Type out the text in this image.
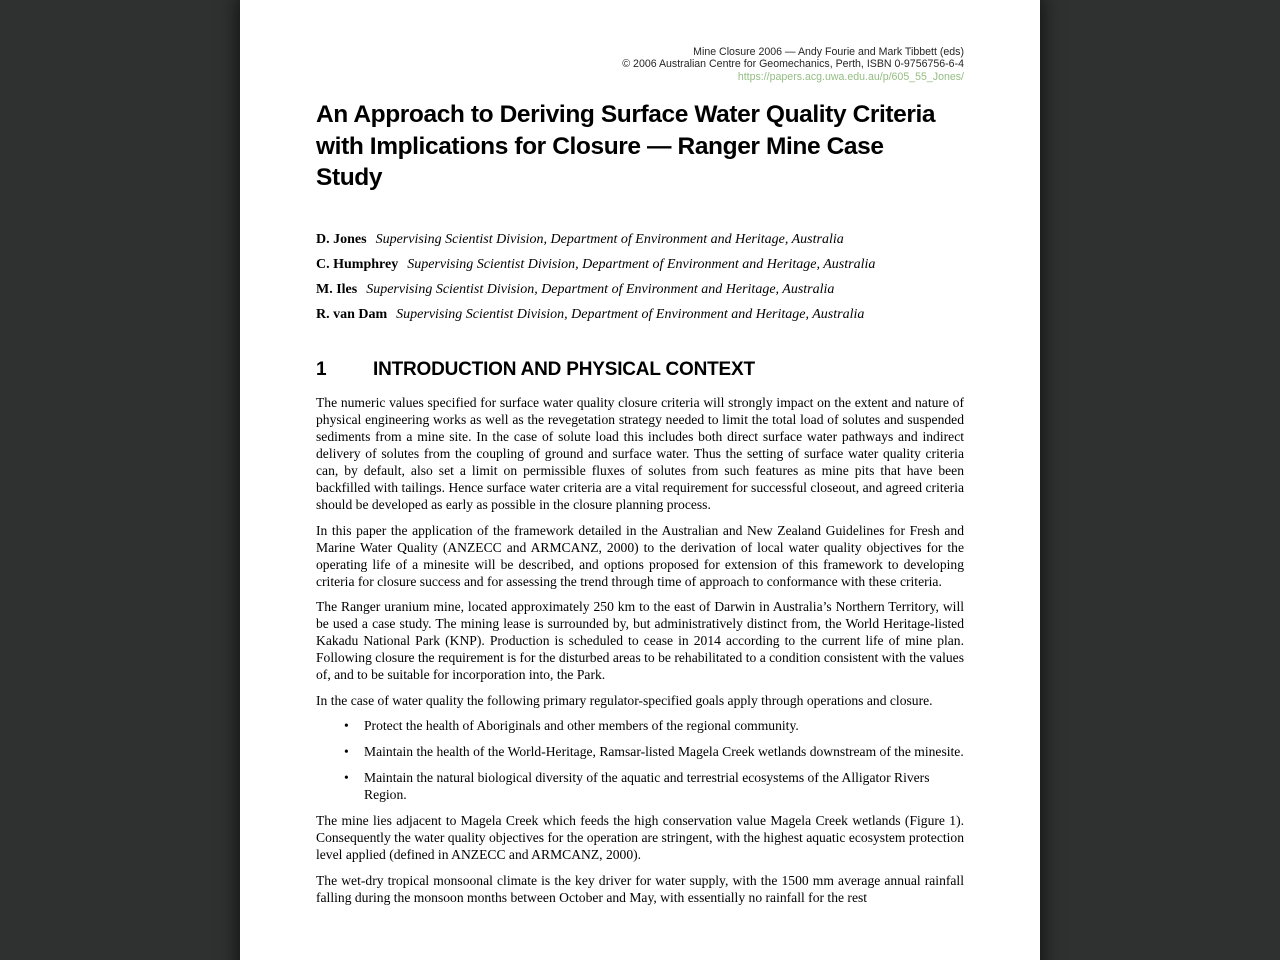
Mine Closure 2006 — Andy Fourie and Mark Tibbett (eds)
© 2006 Australian Centre for Geomechanics, Perth, ISBN 0-9756756-6-4
https://papers.acg.uwa.edu.au/p/605_55_Jones/
An Approach to Deriving Surface Water Quality Criteria
with Implications for Closure — Ranger Mine Case
Study
D. Jones Supervising Scientist Division, Department of Environment and Heritage, Australia
C. Humphrey Supervising Scientist Division, Department of Environment and Heritage, Australia
M. Iles Supervising Scientist Division, Department of Environment and Heritage, Australia
R. van Dam Supervising Scientist Division, Department of Environment and Heritage, Australia
1 INTRODUCTION AND PHYSICAL CONTEXT

The numeric values specified for surface water quality closure criteria will strongly impact on the extent and nature of physical engineering works as well as the revegetation strategy needed to limit the total load of solutes and suspended sediments from a mine site. In the case of solute load this includes both direct surface water pathways and indirect delivery of solutes from the coupling of ground and surface water. Thus the setting of surface water quality criteria can, by default, also set a limit on permissible fluxes of solutes from such features as mine pits that have been backfilled with tailings. Hence surface water criteria are a vital requirement for successful closeout, and agreed criteria should be developed as early as possible in the closure planning process.

In this paper the application of the framework detailed in the Australian and New Zealand Guidelines for Fresh and Marine Water Quality (ANZECC and ARMCANZ, 2000) to the derivation of local water quality objectives for the operating life of a minesite will be described, and options proposed for extension of this framework to developing criteria for closure success and for assessing the trend through time of approach to conformance with these criteria.

The Ranger uranium mine, located approximately 250 km to the east of Darwin in Australia’s Northern Territory, will be used a case study. The mining lease is surrounded by, but administratively distinct from, the World Heritage-listed Kakadu National Park (KNP). Production is scheduled to cease in 2014 according to the current life of mine plan. Following closure the requirement is for the disturbed areas to be rehabilitated to a condition consistent with the values of, and to be suitable for incorporation into, the Park.

In the case of water quality the following primary regulator-specified goals apply through operations and closure.

• Protect the health of Aboriginals and other members of the regional community.
• Maintain the health of the World-Heritage, Ramsar-listed Magela Creek wetlands downstream of the minesite.
• Maintain the natural biological diversity of the aquatic and terrestrial ecosystems of the Alligator Rivers Region.

The mine lies adjacent to Magela Creek which feeds the high conservation value Magela Creek wetlands (Figure 1). Consequently the water quality objectives for the operation are stringent, with the highest aquatic ecosystem protection level applied (defined in ANZECC and ARMCANZ, 2000).

The wet-dry tropical monsoonal climate is the key driver for water supply, with the 1500 mm average annual rainfall falling during the monsoon months between October and May, with essentially no rainfall for the rest
